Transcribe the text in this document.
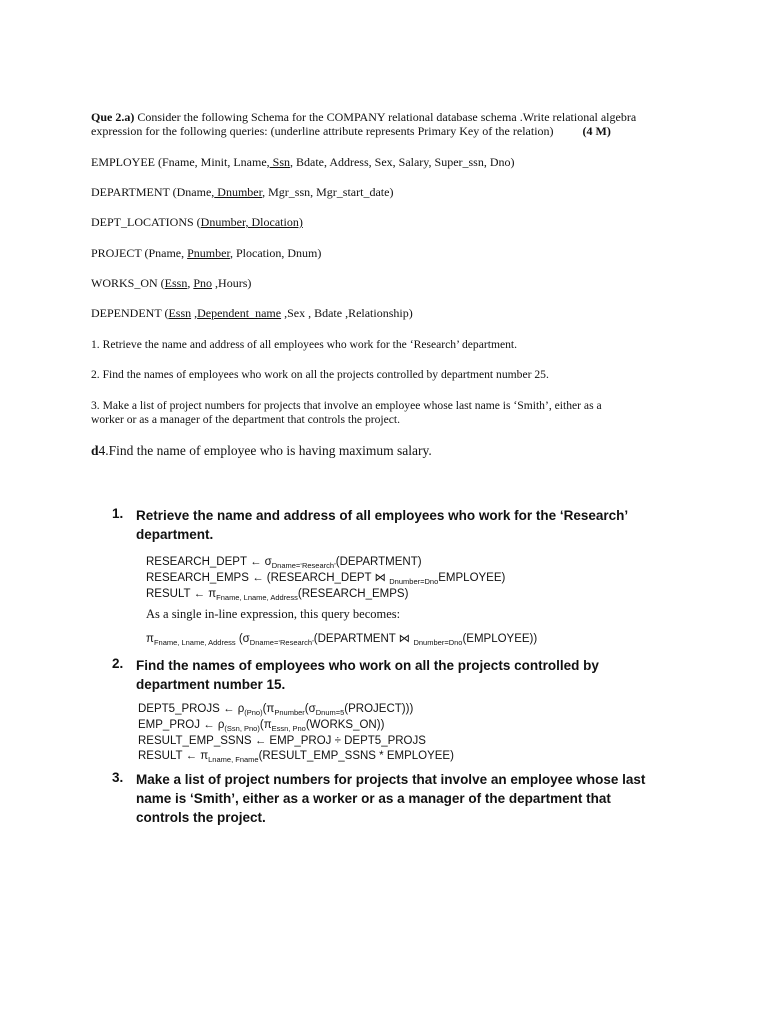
Que 2.a) Consider the following Schema for the COMPANY relational database schema .Write relational algebra
expression for the following queries: (underline attribute represents Primary Key of the relation) (4 M)
EMPLOYEE (Fname, Minit, Lname, Ssn, Bdate, Address, Sex, Salary, Super_ssn, Dno)
DEPARTMENT (Dname, Dnumber, Mgr_ssn, Mgr_start_date)
DEPT_LOCATIONS (Dnumber, Dlocation)
PROJECT (Pname, Pnumber, Plocation, Dnum)
WORKS_ON (Essn, Pno ,Hours)
DEPENDENT (Essn ,Dependent_name ,Sex , Bdate ,Relationship)
1. Retrieve the name and address of all employees who work for the ‘Research’ department.
2. Find the names of employees who work on all the projects controlled by department number 25.
3. Make a list of project numbers for projects that involve an employee whose last name is ‘Smith’, either as a
worker or as a manager of the department that controls the project.
d4.Find the name of employee who is having maximum salary.
1. Retrieve the name and address of all employees who work for the ‘Research’
department.
RESEARCH_DEPT ← $\sigma_{Dname=‘Research’}(DEPARTMENT)$
RESEARCH_EMPS ← (RESEARCH_DEPT ⋈ $_{Dnumber=Dno}$EMPLOYEE)
RESULT ← $\pi_{Fname, Lname, Address}(RESEARCH\_EMPS)$
As a single in-line expression, this query becomes:
$\pi_{Fname, Lname, Address}$ ($\sigma_{Dname=‘Research’}(DEPARTMENT$ ⋈ $_{Dnumber=Dno}$(EMPLOYEE))
2. Find the names of employees who work on all the projects controlled by
department number 15.
DEPT5_PROJS ← $\rho_{(Pno)}(\pi_{Pnumber}(\sigma_{Dnum=5}(PROJECT)))$
EMP_PROJ ← $\rho_{(Ssn, Pno)}(\pi_{Essn, Pno}(WORKS\_ON))$
RESULT_EMP_SSNS ← EMP_PROJ ÷ DEPT5_PROJS
RESULT ← $\pi_{Lname, Fname}(RESULT\_EMP\_SSNS$ * EMPLOYEE)
3. Make a list of project numbers for projects that involve an employee whose last
name is ‘Smith’, either as a worker or as a manager of the department that
controls the project.
